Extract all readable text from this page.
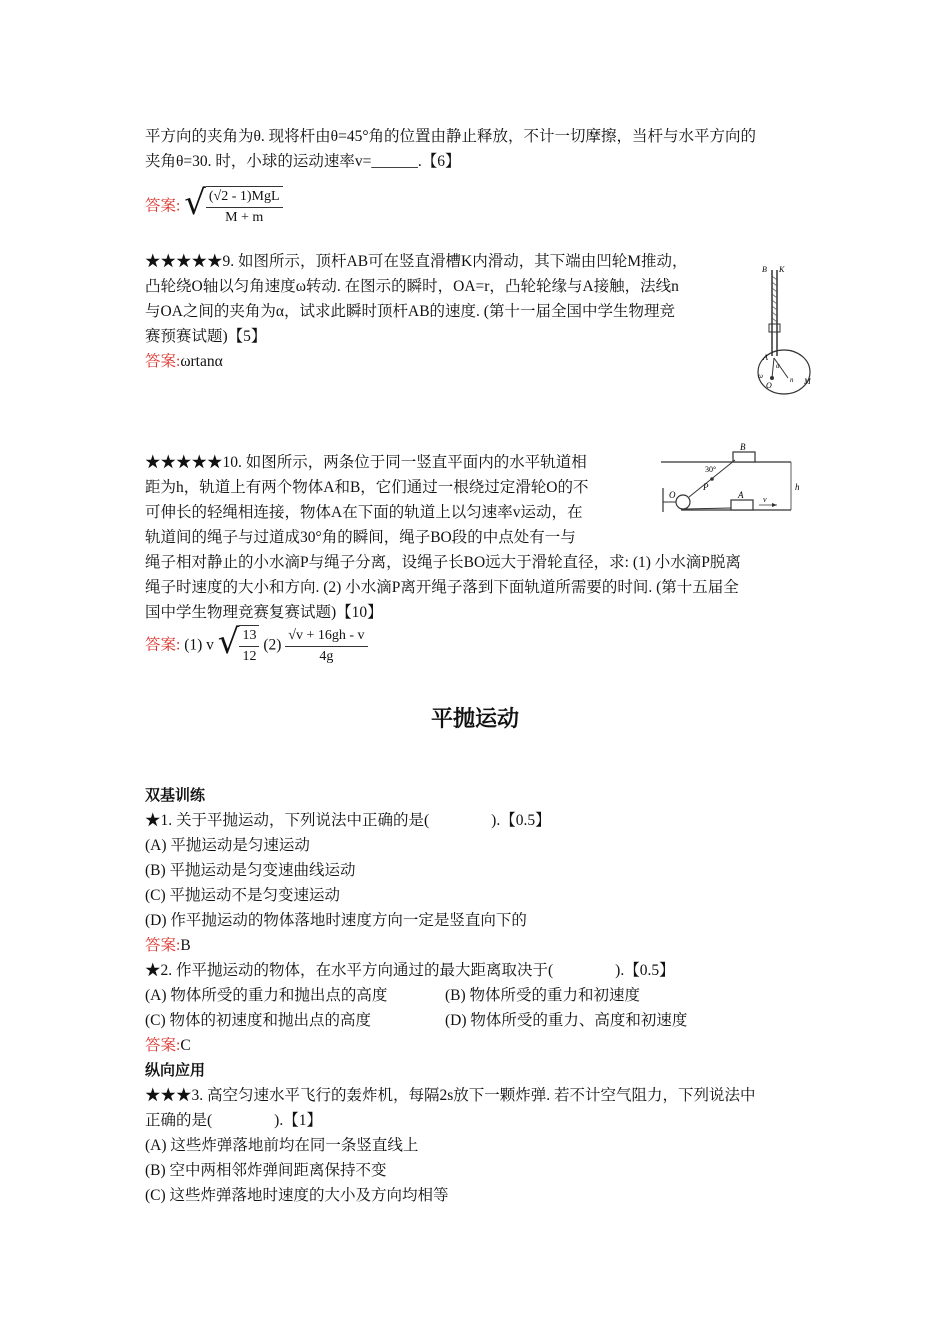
平方向的夹角为θ. 现将杆由θ=45°角的位置由静止释放，不计一切摩擦，当杆与水平方向的
夹角θ=30. 时，小球的运动速率v=______.【6】
答案: √ $\frac{\text{(√2 - 1)MgL}}{M + m}$
★★★★★9. 如图所示，顶杆AB可在竖直滑槽K内滑动，其下端由凹轮M推动，
凸轮绕O轴以匀角速度ω转动. 在图示的瞬时，OA=r，凸轮轮缘与A接触，法线n
与OA之间的夹角为α，试求此瞬时顶杆AB的速度. (第十一届全国中学生物理竞
赛预赛试题)【5】
答案:ωrtanα
B K
A
α
ω
O
n M
★★★★★10. 如图所示，两条位于同一竖直平面内的水平轨道相
距为h，轨道上有两个物体A和B，它们通过一根绕过定滑轮O的不
可伸长的轻绳相连接，物体A在下面的轨道上以匀速率v运动，在
轨道间的绳子与过道成30°角的瞬间，绳子BO段的中点处有一与
绳子相对静止的小水滴P与绳子分离，设绳子长BO远大于滑轮直径，求: (1) 小水滴P脱离
绳子时速度的大小和方向. (2) 小水滴P离开绳子落到下面轨道所需要的时间. (第十五届全
国中学生物理竞赛复赛试题)【10】
B
30°
P
O	A v
h
答案: (1) v √ $\frac{13}{12} (2) \frac{√v + 16gh - v}{4g}$
平抛运动
双基训练
★1. 关于平抛运动，下列说法中正确的是(　　　　).【0.5】
(A) 平抛运动是匀速运动
(B) 平抛运动是匀变速曲线运动
(C) 平抛运动不是匀变速运动
(D) 作平抛运动的物体落地时速度方向一定是竖直向下的
答案:B
★2. 作平抛运动的物体，在水平方向通过的最大距离取决于(　　　　).【0.5】
(A) 物体所受的重力和抛出点的高度	(B) 物体所受的重力和初速度
(C) 物体的初速度和抛出点的高度	(D) 物体所受的重力、高度和初速度
答案:C
纵向应用
★★★3. 高空匀速水平飞行的轰炸机，每隔2s放下一颗炸弹. 若不计空气阻力，下列说法中
正确的是(　　　　).【1】
(A) 这些炸弹落地前均在同一条竖直线上
(B) 空中两相邻炸弹间距离保持不变
(C) 这些炸弹落地时速度的大小及方向均相等
